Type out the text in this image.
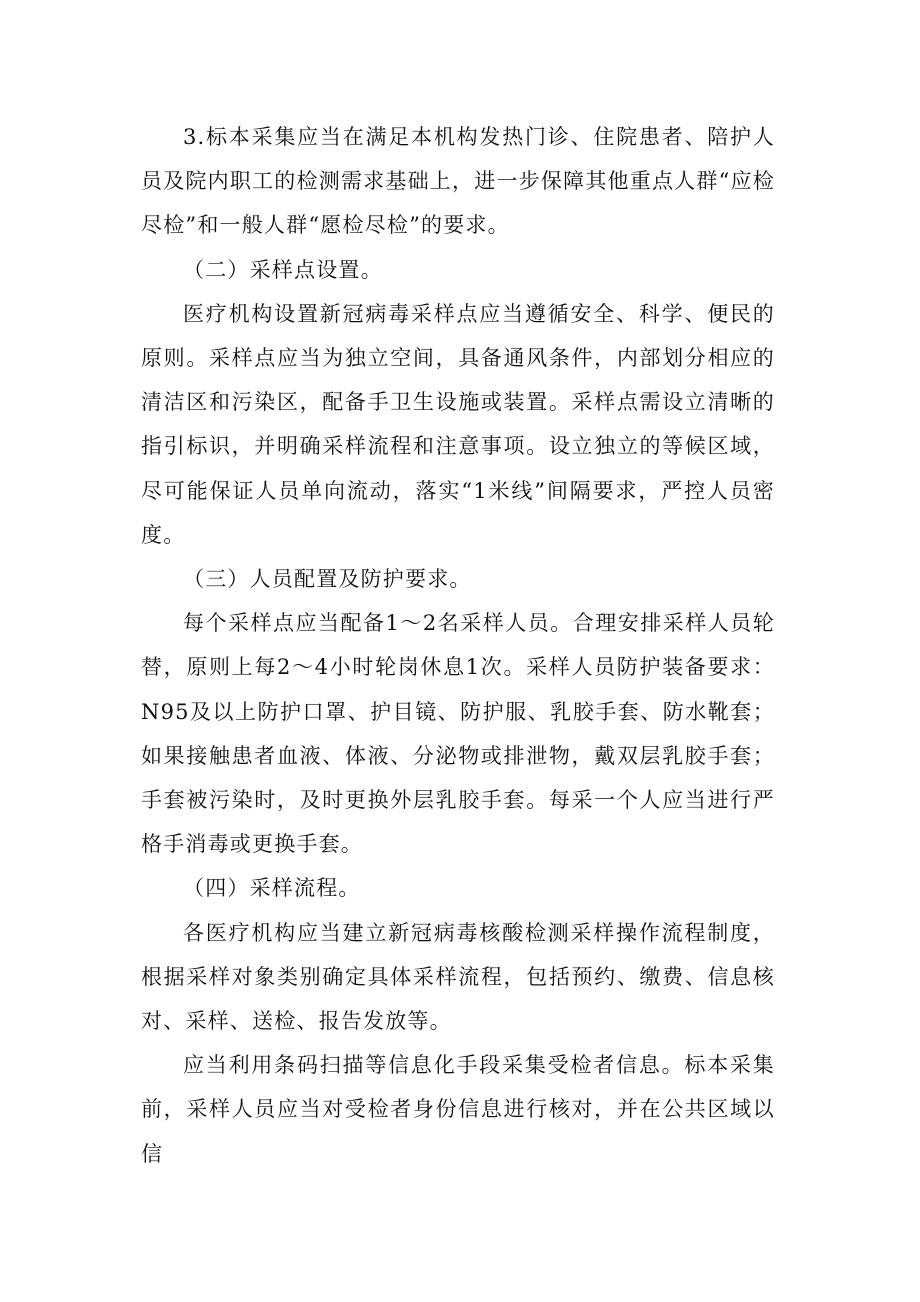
3.标本采集应当在满足本机构发热门诊、住院患者、陪护人员及院内职工的检测需求基础上，进一步保障其他重点人群“应检尽检”和一般人群“愿检尽检”的要求。

（二）采样点设置。

医疗机构设置新冠病毒采样点应当遵循安全、科学、便民的原则。采样点应当为独立空间，具备通风条件，内部划分相应的清洁区和污染区，配备手卫生设施或装置。采样点需设立清晰的指引标识，并明确采样流程和注意事项。设立独立的等候区域，尽可能保证人员单向流动，落实“1米线”间隔要求，严控人员密度。

（三）人员配置及防护要求。

每个采样点应当配备1～2名采样人员。合理安排采样人员轮替，原则上每2～4小时轮岗休息1次。采样人员防护装备要求：N95及以上防护口罩、护目镜、防护服、乳胶手套、防水靴套；如果接触患者血液、体液、分泌物或排泄物，戴双层乳胶手套；手套被污染时，及时更换外层乳胶手套。每采一个人应当进行严格手消毒或更换手套。

（四）采样流程。

各医疗机构应当建立新冠病毒核酸检测采样操作流程制度，根据采样对象类别确定具体采样流程，包括预约、缴费、信息核对、采样、送检、报告发放等。

应当利用条码扫描等信息化手段采集受检者信息。标本采集前，采样人员应当对受检者身份信息进行核对，并在公共区域以信
